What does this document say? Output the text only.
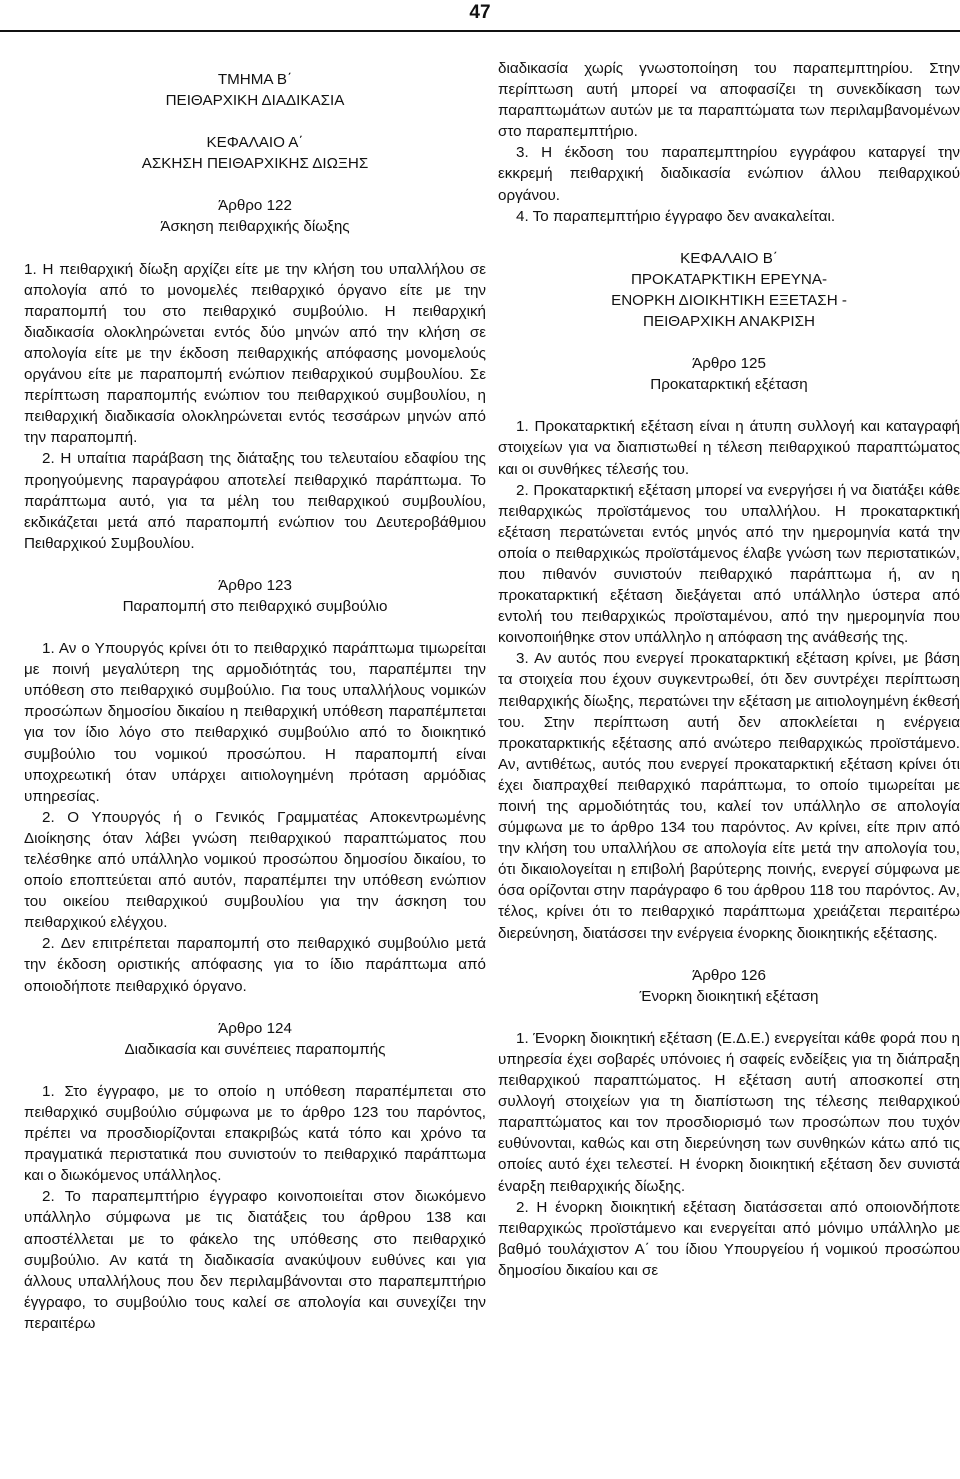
47
ΤΜΗΜΑ Β΄
ΠΕΙΘΑΡΧΙΚΗ ΔΙΑΔΙΚΑΣΙΑ
ΚΕΦΑΛΑΙΟ Α΄
ΑΣΚΗΣΗ ΠΕΙΘΑΡΧΙΚΗΣ ΔΙΩΞΗΣ
Άρθρο 122
Άσκηση πειθαρχικής δίωξης

1. Η πειθαρχική δίωξη αρχίζει είτε με την κλήση του υπαλλήλου σε απολογία από το μονομελές πειθαρχικό όργανο είτε με την παραπομπή του στο πειθαρχικό συμβούλιο. Η πειθαρχική διαδικασία ολοκληρώνεται εντός δύο μηνών από την κλήση σε απολογία είτε με την έκδοση πειθαρχικής απόφασης μονομελούς οργάνου είτε με παραπομπή ενώπιον πειθαρχικού συμβουλίου. Σε περίπτωση παραπομπής ενώπιον του πειθαρχικού συμβουλίου, η πειθαρχική διαδικασία ολοκληρώνεται εντός τεσσάρων μηνών από την παραπομπή.

2. Η υπαίτια παράβαση της διάταξης του τελευταίου εδαφίου της προηγούμενης παραγράφου αποτελεί πειθαρχικό παράπτωμα. Το παράπτωμα αυτό, για τα μέλη του πειθαρχικού συμβουλίου, εκδικάζεται μετά από παραπομπή ενώπιον του Δευτεροβάθμιου Πειθαρχικού Συμβουλίου.

Άρθρο 123
Παραπομπή στο πειθαρχικό συμβούλιο

1. Αν ο Υπουργός κρίνει ότι το πειθαρχικό παράπτωμα τιμωρείται με ποινή μεγαλύτερη της αρμοδιότητάς του, παραπέμπει την υπόθεση στο πειθαρχικό συμβούλιο. Για τους υπαλλήλους νομικών προσώπων δημοσίου δικαίου η πειθαρχική υπόθεση παραπέμπεται για τον ίδιο λόγο στο πειθαρχικό συμβούλιο από το διοικητικό συμβούλιο του νομικού προσώπου. Η παραπομπή είναι υποχρεωτική όταν υπάρχει αιτιολογημένη πρόταση αρμόδιας υπηρεσίας.

2. Ο Υπουργός ή ο Γενικός Γραμματέας Αποκεντρωμένης Διοίκησης όταν λάβει γνώση πειθαρχικού παραπτώματος που τελέσθηκε από υπάλληλο νομικού προσώπου δημοσίου δικαίου, το οποίο εποπτεύεται από αυτόν, παραπέμπει την υπόθεση ενώπιον του οικείου πειθαρχικού συμβουλίου για την άσκηση του πειθαρχικού ελέγχου.

2. Δεν επιτρέπεται παραπομπή στο πειθαρχικό συμβούλιο μετά την έκδοση οριστικής απόφασης για το ίδιο παράπτωμα από οποιοδήποτε πειθαρχικό όργανο.

Άρθρο 124
Διαδικασία και συνέπειες παραπομπής

1. Στο έγγραφο, με το οποίο η υπόθεση παραπέμπεται στο πειθαρχικό συμβούλιο σύμφωνα με το άρθρο 123 του παρόντος, πρέπει να προσδιορίζονται επακριβώς κατά τόπο και χρόνο τα πραγματικά περιστατικά που συνιστούν το πειθαρχικό παράπτωμα και ο διωκόμενος υπάλληλος.

2. Το παραπεμπτήριο έγγραφο κοινοποιείται στον διωκόμενο υπάλληλο σύμφωνα με τις διατάξεις του άρθρου 138 και αποστέλλεται με το φάκελο της υπόθεσης στο πειθαρχικό συμβούλιο. Αν κατά τη διαδικασία ανακύψουν ευθύνες και για άλλους υπαλλήλους που δεν περιλαμβάνονται στο παραπεμπτήριο έγγραφο, το συμβούλιο τους καλεί σε απολογία και συνεχίζει την περαιτέρω

διαδικασία χωρίς γνωστοποίηση του παραπεμπτηρίου. Στην περίπτωση αυτή μπορεί να αποφασίζει τη συνεκδίκαση των παραπτωμάτων αυτών με τα παραπτώματα των περιλαμβανομένων στο παραπεμπτήριο.

3. Η έκδοση του παραπεμπτηρίου εγγράφου καταργεί την εκκρεμή πειθαρχική διαδικασία ενώπιον άλλου πειθαρχικού οργάνου.

4. Το παραπεμπτήριο έγγραφο δεν ανακαλείται.

ΚΕΦΑΛΑΙΟ Β΄
ΠΡΟΚΑΤΑΡΚΤΙΚΗ ΕΡΕΥΝΑ-
ΕΝΟΡΚΗ ΔΙΟΙΚΗΤΙΚΗ ΕΞΕΤΑΣΗ -
ΠΕΙΘΑΡΧΙΚΗ ΑΝΑΚΡΙΣΗ
Άρθρο 125
Προκαταρκτική εξέταση

1. Προκαταρκτική εξέταση είναι η άτυπη συλλογή και καταγραφή στοιχείων για να διαπιστωθεί η τέλεση πειθαρχικού παραπτώματος και οι συνθήκες τέλεσής του.

2. Προκαταρκτική εξέταση μπορεί να ενεργήσει ή να διατάξει κάθε πειθαρχικώς προϊστάμενος του υπαλλήλου. Η προκαταρκτική εξέταση περατώνεται εντός μηνός από την ημερομηνία κατά την οποία ο πειθαρχικώς προϊστάμενος έλαβε γνώση των περιστατικών, που πιθανόν συνιστούν πειθαρχικό παράπτωμα ή, αν η προκαταρκτική εξέταση διεξάγεται από υπάλληλο ύστερα από εντολή του πειθαρχικώς προϊσταμένου, από την ημερομηνία που κοινοποιήθηκε στον υπάλληλο η απόφαση της ανάθεσής της.

3. Αν αυτός που ενεργεί προκαταρκτική εξέταση κρίνει, με βάση τα στοιχεία που έχουν συγκεντρωθεί, ότι δεν συντρέχει περίπτωση πειθαρχικής δίωξης, περατώνει την εξέταση με αιτιολογημένη έκθεσή του. Στην περίπτωση αυτή δεν αποκλείεται η ενέργεια προκαταρκτικής εξέτασης από ανώτερο πειθαρχικώς προϊστάμενο. Αν, αντιθέτως, αυτός που ενεργεί προκαταρκτική εξέταση κρίνει ότι έχει διαπραχθεί πειθαρχικό παράπτωμα, το οποίο τιμωρείται με ποινή της αρμοδιότητάς του, καλεί τον υπάλληλο σε απολογία σύμφωνα με το άρθρο 134 του παρόντος. Αν κρίνει, είτε πριν από την κλήση του υπαλλήλου σε απολογία είτε μετά την απολογία του, ότι δικαιολογείται η επιβολή βαρύτερης ποινής, ενεργεί σύμφωνα με όσα ορίζονται στην παράγραφο 6 του άρθρου 118 του παρόντος. Αν, τέλος, κρίνει ότι το πειθαρχικό παράπτωμα χρειάζεται περαιτέρω διερεύνηση, διατάσσει την ενέργεια ένορκης διοικητικής εξέτασης.

Άρθρο 126
Ένορκη διοικητική εξέταση

1. Ένορκη διοικητική εξέταση (Ε.Δ.Ε.) ενεργείται κάθε φορά που η υπηρεσία έχει σοβαρές υπόνοιες ή σαφείς ενδείξεις για τη διάπραξη πειθαρχικού παραπτώματος. Η εξέταση αυτή αποσκοπεί στη συλλογή στοιχείων για τη διαπίστωση της τέλεσης πειθαρχικού παραπτώματος και τον προσδιορισμό των προσώπων που τυχόν ευθύνονται, καθώς και στη διερεύνηση των συνθηκών κάτω από τις οποίες αυτό έχει τελεστεί. Η ένορκη διοικητική εξέταση δεν συνιστά έναρξη πειθαρχικής δίωξης.

2. Η ένορκη διοικητική εξέταση διατάσσεται από οποιονδήποτε πειθαρχικώς προϊστάμενο και ενεργείται από μόνιμο υπάλληλο με βαθμό τουλάχιστον Α΄ του ίδιου Υπουργείου ή νομικού προσώπου δημοσίου δικαίου και σε
